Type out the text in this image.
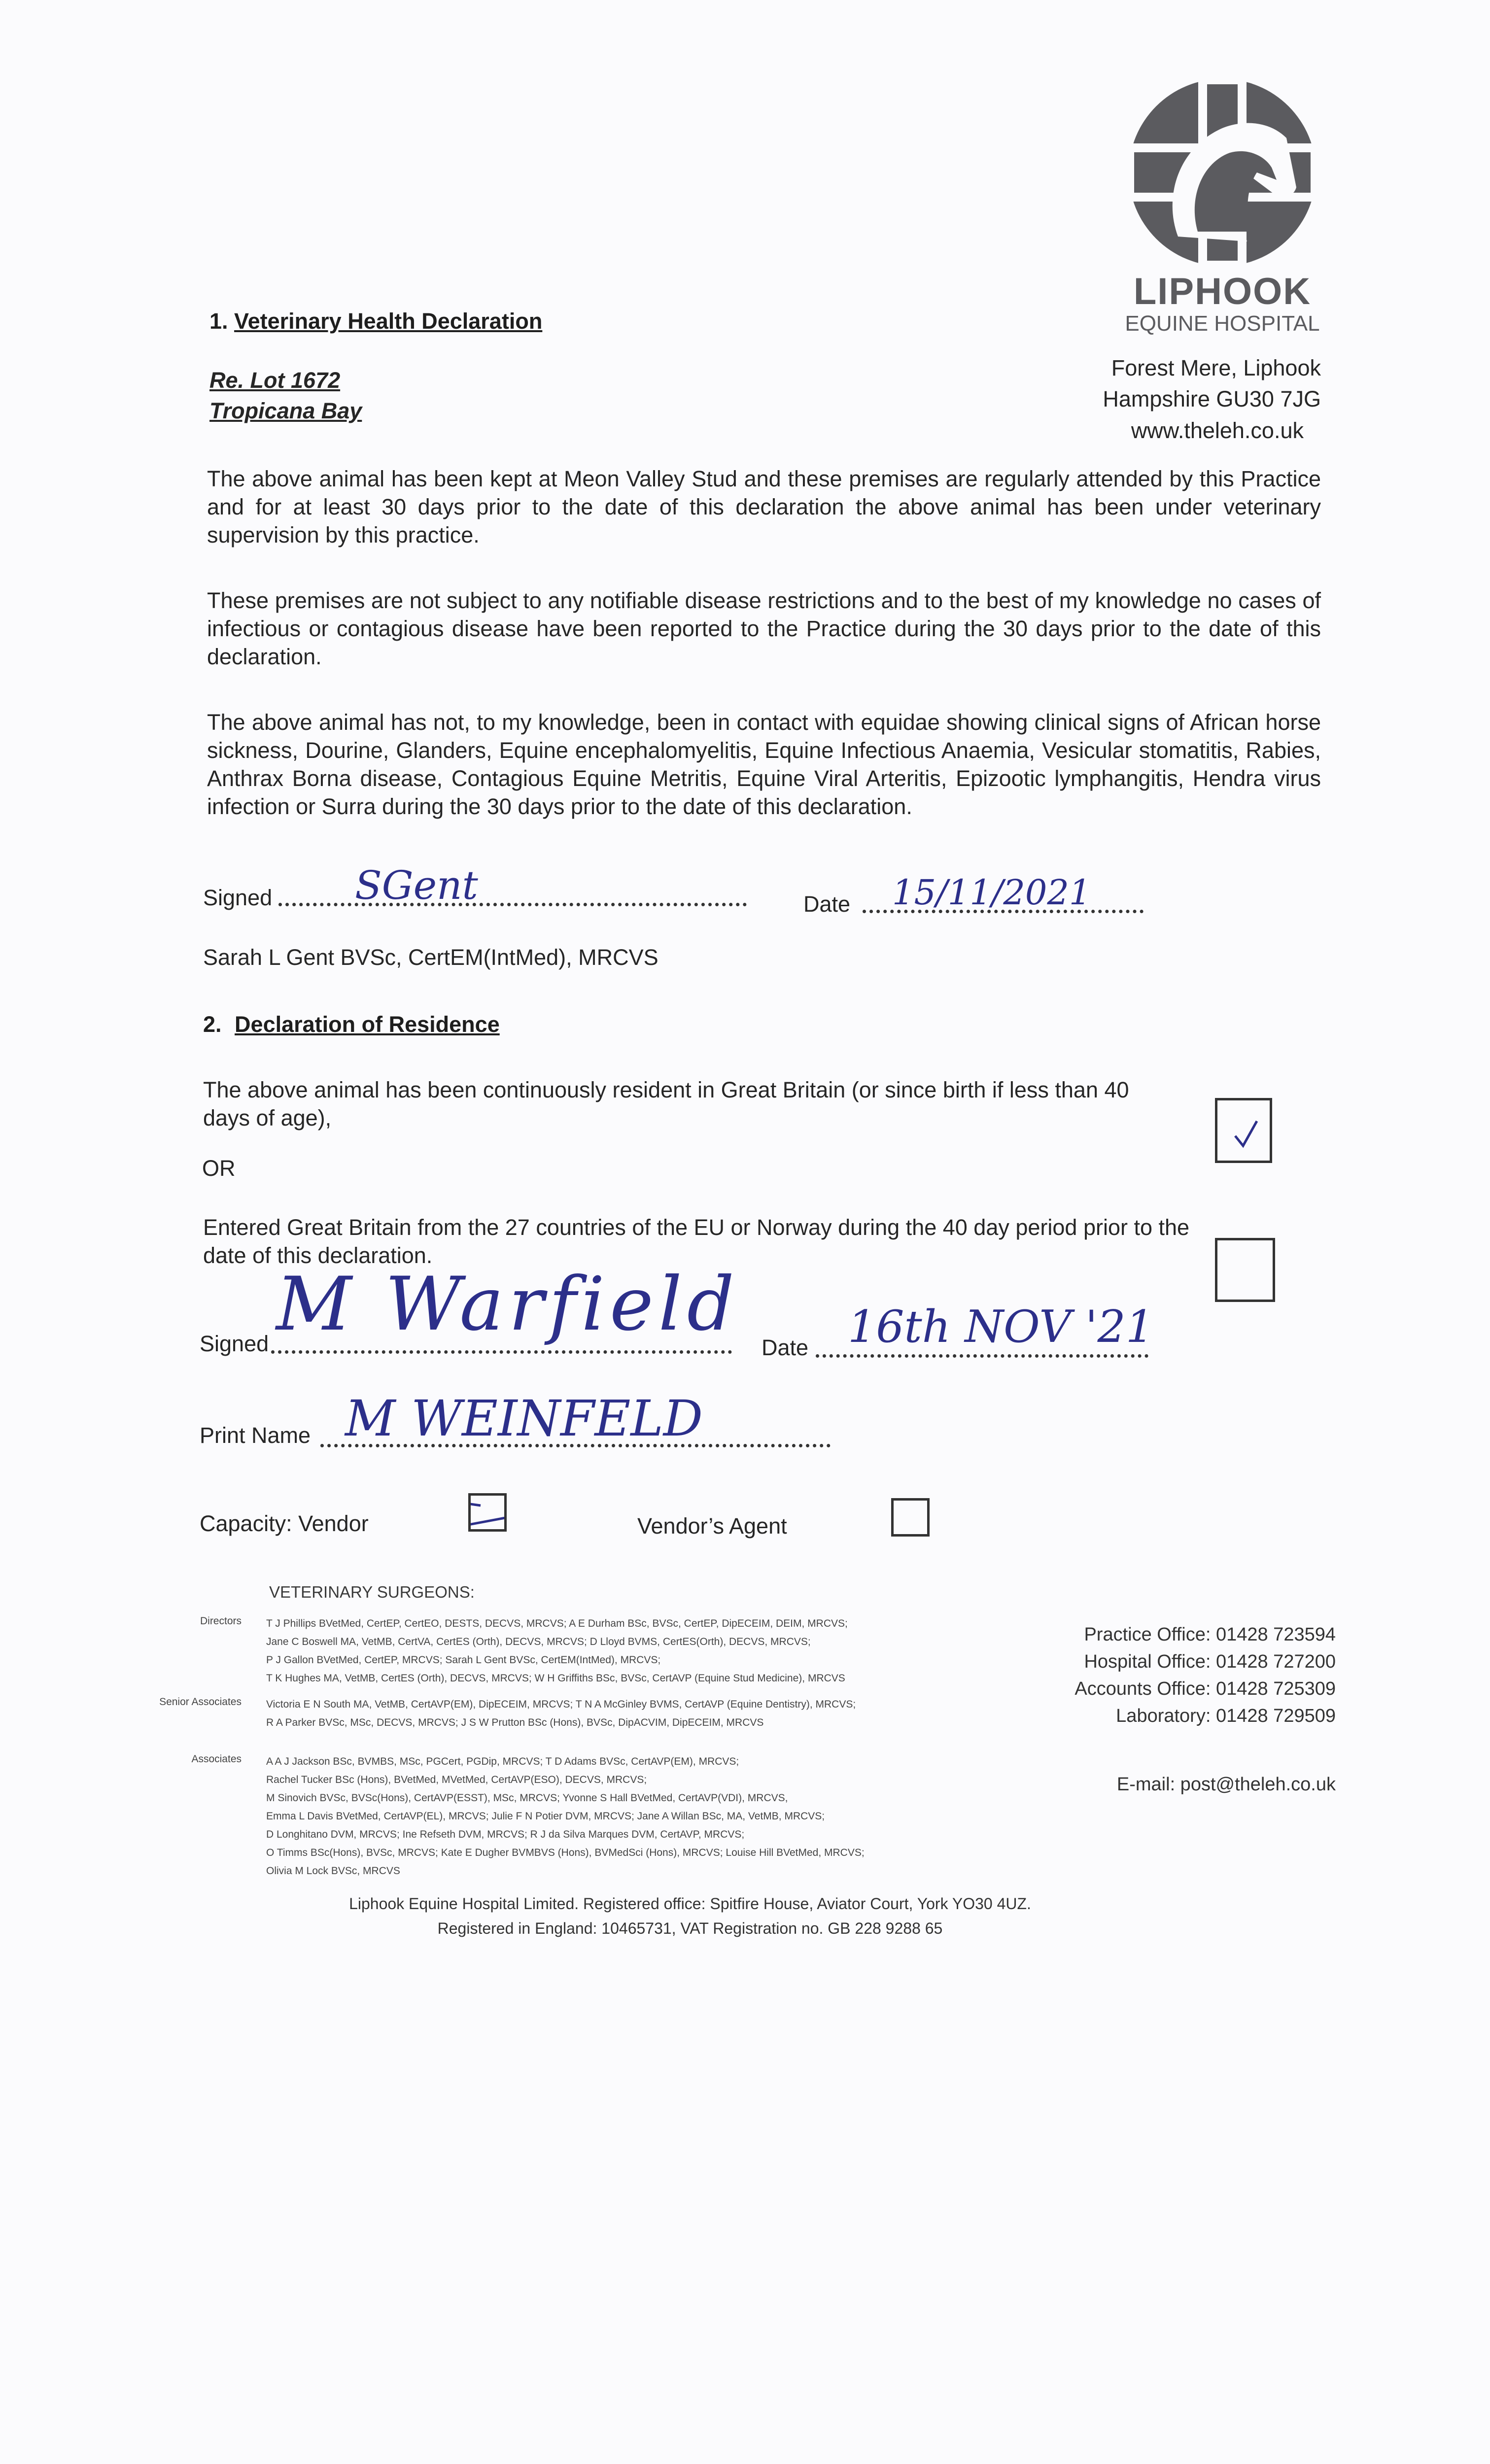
LIPHOOK
EQUINE HOSPITAL
Forest Mere, Liphook
Hampshire GU30 7JG
www.theleh.co.uk
1. Veterinary Health Declaration
Re. Lot 1672
Tropicana Bay

The above animal has been kept at Meon Valley Stud and these premises are regularly attended by this Practice and for at least 30 days prior to the date of this declaration the above animal has been under veterinary supervision by this practice.

These premises are not subject to any notifiable disease restrictions and to the best of my knowledge no cases of infectious or contagious disease have been reported to the Practice during the 30 days prior to the date of this declaration.

The above animal has not, to my knowledge, been in contact with equidae showing clinical signs of African horse sickness, Dourine, Glanders, Equine encephalomyelitis, Equine Infectious Anaemia, Vesicular stomatitis, Rabies, Anthrax Borna disease, Contagious Equine Metritis, Equine Viral Arteritis, Epizootic lymphangitis, Hendra virus infection or Surra during the 30 days prior to the date of this declaration.

Signed SGent	Date 15/11/2021
Sarah L Gent BVSc, CertEM(IntMed), MRCVS
2. Declaration of Residence

The above animal has been continuously resident in Great Britain (or since birth if less than 40 days of age),

OR

Entered Great Britain from the 27 countries of the EU or Norway during the 40 day period prior to the date of this declaration.

Signed M Warfield
Date 16th NOV '21
Print Name M WEINFELD
Capacity: Vendor	Vendor’s Agent
VETERINARY SURGEONS:
Directors T J Phillips BVetMed, CertEP, CertEO, DESTS, DECVS, MRCVS; A E Durham BSc, BVSc, CertEP, DipECEIM, DEIM, MRCVS;
Jane C Boswell MA, VetMB, CertVA, CertES (Orth), DECVS, MRCVS; D Lloyd BVMS, CertES(Orth), DECVS, MRCVS;
P J Gallon BVetMed, CertEP, MRCVS; Sarah L Gent BVSc, CertEM(IntMed), MRCVS;
T K Hughes MA, VetMB, CertES (Orth), DECVS, MRCVS; W H Griffiths BSc, BVSc, CertAVP (Equine Stud Medicine), MRCVS
Senior Associates Victoria E N South MA, VetMB, CertAVP(EM), DipECEIM, MRCVS; T N A McGinley BVMS, CertAVP (Equine Dentistry), MRCVS;
R A Parker BVSc, MSc, DECVS, MRCVS; J S W Prutton BSc (Hons), BVSc, DipACVIM, DipECEIM, MRCVS
Associates A A J Jackson BSc, BVMBS, MSc, PGCert, PGDip, MRCVS; T D Adams BVSc, CertAVP(EM), MRCVS;
Rachel Tucker BSc (Hons), BVetMed, MVetMed, CertAVP(ESO), DECVS, MRCVS;
M Sinovich BVSc, BVSc(Hons), CertAVP(ESST), MSc, MRCVS; Yvonne S Hall BVetMed, CertAVP(VDI), MRCVS,
Emma L Davis BVetMed, CertAVP(EL), MRCVS; Julie F N Potier DVM, MRCVS; Jane A Willan BSc, MA, VetMB, MRCVS;
D Longhitano DVM, MRCVS; Ine Refseth DVM, MRCVS; R J da Silva Marques DVM, CertAVP, MRCVS;
O Timms BSc(Hons), BVSc, MRCVS; Kate E Dugher BVMBVS (Hons), BVMedSci (Hons), MRCVS; Louise Hill BVetMed, MRCVS;
Olivia M Lock BVSc, MRCVS
Practice Office: 01428 723594
Hospital Office: 01428 727200
Accounts Office: 01428 725309
Laboratory: 01428 729509
E-mail: post@theleh.co.uk
Liphook Equine Hospital Limited. Registered office: Spitfire House, Aviator Court, York YO30 4UZ.
Registered in England: 10465731, VAT Registration no. GB 228 9288 65
